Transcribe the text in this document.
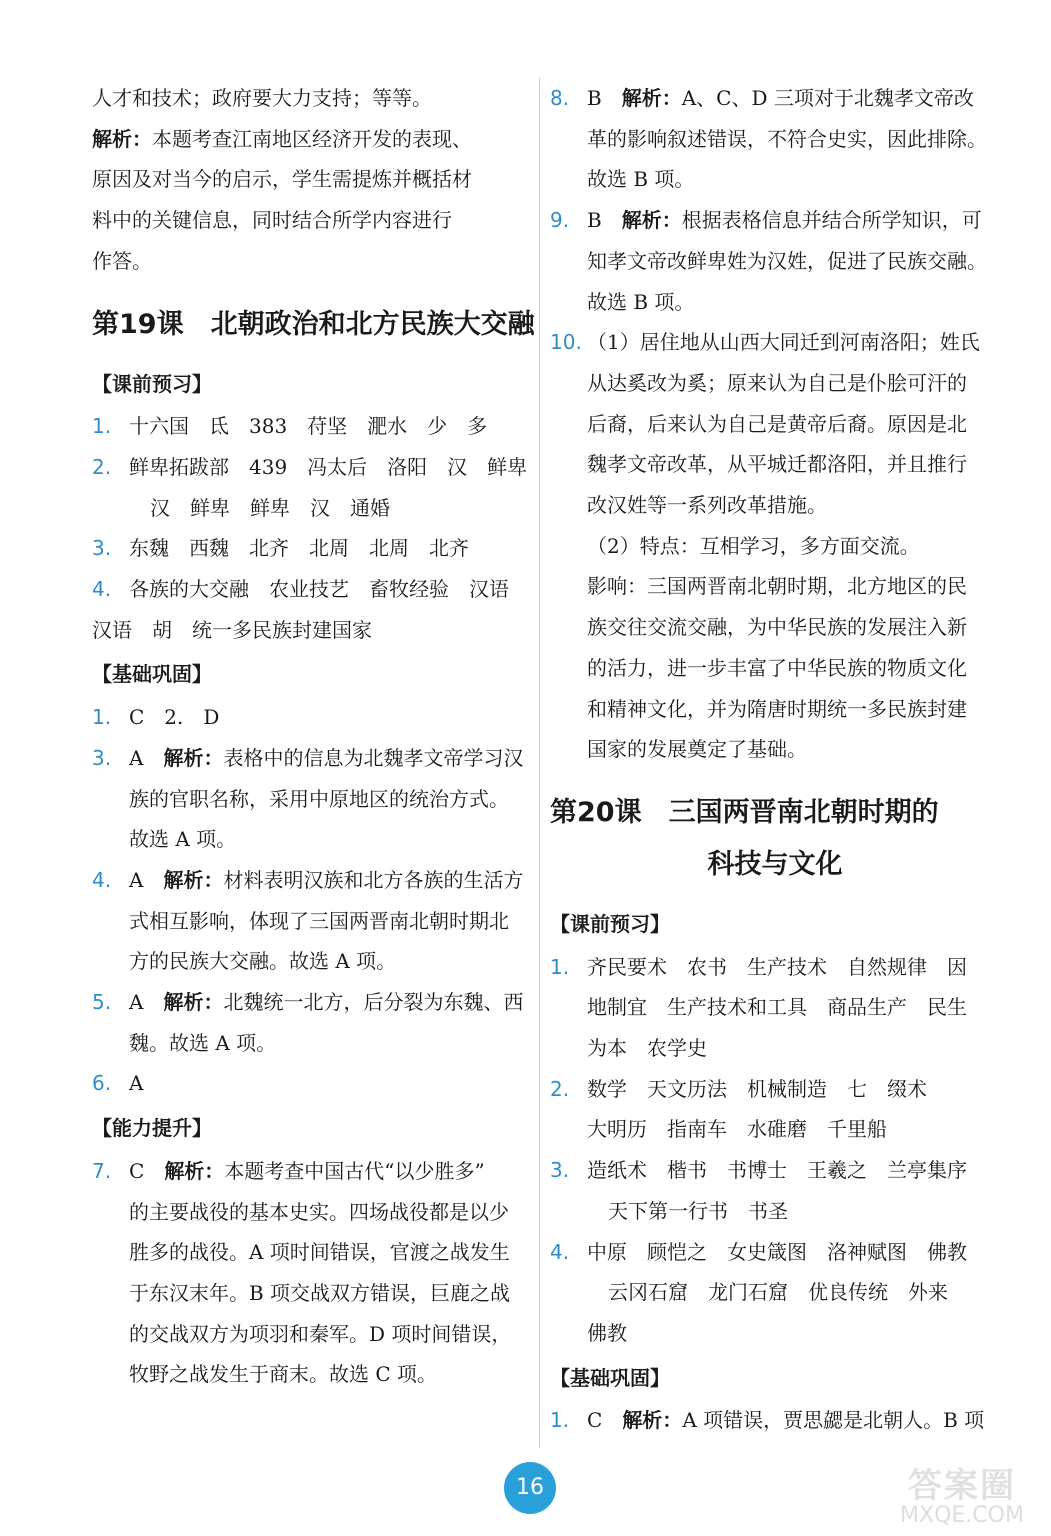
人才和技术；政府要大力支持；等等。

解析：本题考查江南地区经济开发的表现、

原因及对当今的启示，学生需提炼并概括材

料中的关键信息，同时结合所学内容进行

作答。

第19课　北朝政治和北方民族大交融
【课前预习】

1. 十六国　氐　383　苻坚　淝水　少　多

2. 鲜卑拓跋部　439　冯太后　洛阳　汉　鲜卑

汉　鲜卑　鲜卑　汉　通婚

3. 东魏　西魏　北齐　北周　北周　北齐

4. 各族的大交融　农业技艺　畜牧经验　汉语

汉语　胡　统一多民族封建国家

【基础巩固】

1. C　2.　D

3. A　解析：表格中的信息为北魏孝文帝学习汉

族的官职名称，采用中原地区的统治方式。

故选 A 项。

4. A　解析：材料表明汉族和北方各族的生活方

式相互影响，体现了三国两晋南北朝时期北

方的民族大交融。故选 A 项。

5. A　解析：北魏统一北方，后分裂为东魏、西

魏。故选 A 项。

6. A

【能力提升】

7. C　解析：本题考查中国古代“以少胜多”

的主要战役的基本史实。四场战役都是以少

胜多的战役。A 项时间错误，官渡之战发生

于东汉末年。B 项交战双方错误，巨鹿之战

的交战双方为项羽和秦军。D 项时间错误，

牧野之战发生于商末。故选 C 项。

8. B　解析：A、C、D 三项对于北魏孝文帝改

革的影响叙述错误，不符合史实，因此排除。

故选 B 项。

9. B　解析：根据表格信息并结合所学知识，可

知孝文帝改鲜卑姓为汉姓，促进了民族交融。

故选 B 项。

10. （1）居住地从山西大同迁到河南洛阳；姓氏

从达奚改为奚；原来认为自己是仆脍可汗的

后裔，后来认为自己是黄帝后裔。原因是北

魏孝文帝改革，从平城迁都洛阳，并且推行

改汉姓等一系列改革措施。

（2）特点：互相学习，多方面交流。

影响：三国两晋南北朝时期，北方地区的民

族交往交流交融，为中华民族的发展注入新

的活力，进一步丰富了中华民族的物质文化

和精神文化，并为隋唐时期统一多民族封建

国家的发展奠定了基础。

第20课　三国两晋南北朝时期的
科技与文化
【课前预习】

1. 齐民要术　农书　生产技术　自然规律　因

地制宜　生产技术和工具　商品生产　民生

为本　农学史

2. 数学　天文历法　机械制造　七　缀术

大明历　指南车　水碓磨　千里船

3. 造纸术　楷书　书博士　王羲之　兰亭集序

天下第一行书　书圣

4. 中原　顾恺之　女史箴图　洛神赋图　佛教

云冈石窟　龙门石窟　优良传统　外来

佛教

【基础巩固】

1. C　解析：A 项错误，贾思勰是北朝人。B 项

16	答案圈
MXQE.COM
